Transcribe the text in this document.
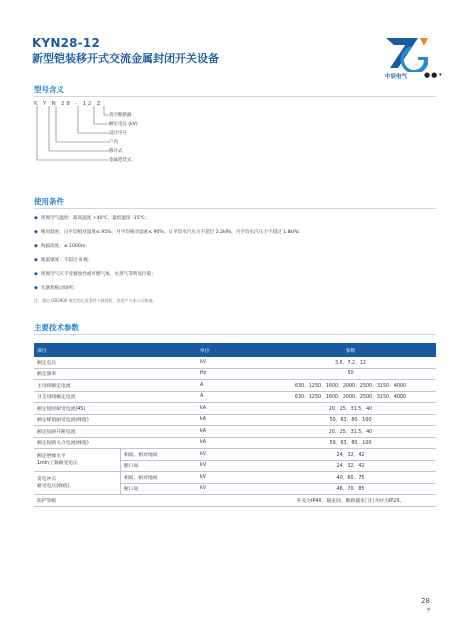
KYN28-12
新型铠装移开式交流金属封闭开关设备
中辰电气 ●●•
型号含义
K Y N 28 - 12 Z
真空断路器
额定电压 (kV)
设计序号
户内
移开式
金属铠装式
使用条件
◆ 周围空气温度：最高温度 +40℃，最低温度 -15℃；
◆ 相对湿度：日平均相对湿度≤ 95%，月平均相对湿度≤ 90%，日平均水汽压力不超过 2.2kPa，月平均水汽压力不超过 1.8kPa；
◆ 海拔高度：≤ 1000m；
◆ 地震强度：不超过 8 级；
◆ 周围空气应不受腐蚀性或可燃气体、水蒸气等明显污染；
◆ 无剧烈振动场所；
注：超出 GB3906 规定的正常条件下使用时，由用户与本公司协商。
主要技术参数
项目		单位	参数
额定电压		kV	3.6、7.2、12
额定频率		Hz	50
主母线额定电流		A	630、1250、1600、2000、2500、3150、4000
分支母线额定电流		A	630、1250、1600、2000、2500、3150、4000
额定短时耐受电流(4S)		kA	20、25、31.5、40
额定峰值耐受电流(峰值)		kA	50、63、80、100
额定短路开断电流		kA	20、25、31.5、40
额定短路关合电流(峰值)		kA	50、63、80、100
额定绝缘水平
1min工频耐受电压	相间、相对地间	kV	24、32、42
	断口间	kV	24、32、42
雷电冲击
耐受电压(峰值)	相间、相对地间	kV	40、60、75
	断口间	kV	46、70、85
防护等级			外壳为IP4X，隔室间、断路器室门打开时为IP2X。
28
●
•
·
